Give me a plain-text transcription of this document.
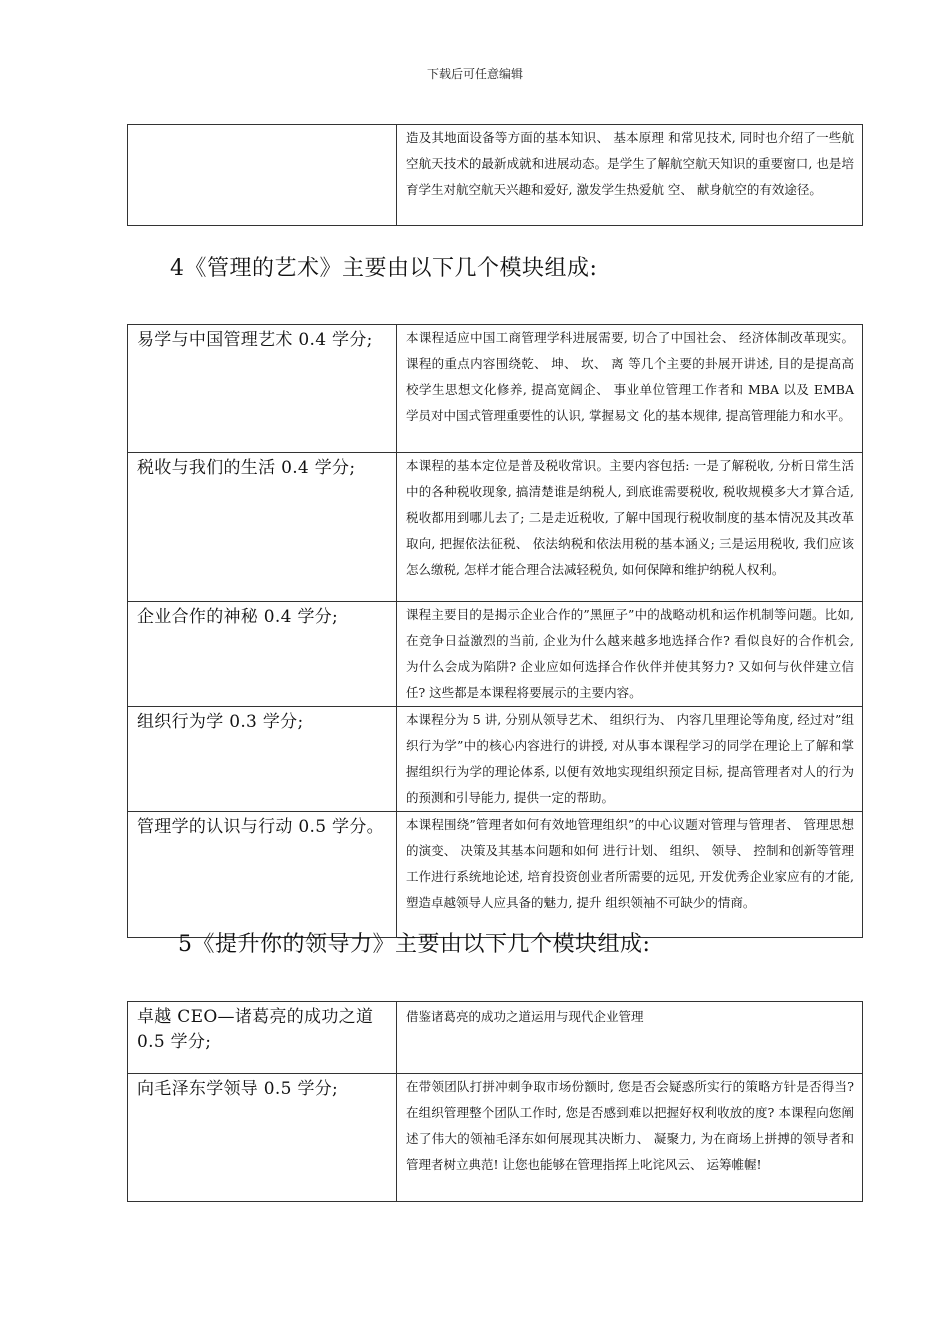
下载后可任意编辑
	造及其地面设备等方面的基本知识、 基本原理 和常见技术, 同时也介绍了一些航空航天技术的最新成就和进展动态。是学生了解航空航天知识的重要窗口, 也是培育学生对航空航天兴趣和爱好, 激发学生热爱航 空、 献身航空的有效途径。
4《管理的艺术》主要由以下几个模块组成:
易学与中国管理艺术 0.4 学分;	本课程适应中国工商管理学科进展需要, 切合了中国社会、 经济体制改革现实。课程的重点内容围绕乾、 坤、 坎、 离 等几个主要的卦展开讲述, 目的是提高高校学生思想文化修养, 提高宽阔企、 事业单位管理工作者和 MBA 以及 EMBA 学员对中国式管理重要性的认识, 掌握易文 化的基本规律, 提高管理能力和水平。
税收与我们的生活 0.4 学分;	本课程的基本定位是普及税收常识。主要内容包括: 一是了解税收, 分析日常生活中的各种税收现象, 搞清楚谁是纳税人, 到底谁需要税收, 税收规模多大才算合适, 税收都用到哪儿去了; 二是走近税收, 了解中国现行税收制度的基本情况及其改革取向, 把握依法征税、 依法纳税和依法用税的基本涵义; 三是运用税收, 我们应该怎么缴税, 怎样才能合理合法减轻税负, 如何保障和维护纳税人权利。
企业合作的神秘 0.4 学分;	课程主要目的是揭示企业合作的”黑匣子”中的战略动机和运作机制等问题。比如, 在竞争日益激烈的当前, 企业为什么越来越多地选择合作? 看似良好的合作机会, 为什么会成为陷阱? 企业应如何选择合作伙伴并使其努力? 又如何与伙伴建立信任? 这些都是本课程将要展示的主要内容。
组织行为学 0.3 学分;	本课程分为 5 讲, 分别从领导艺术、 组织行为、 内容几里理论等角度, 经过对”组织行为学”中的核心内容进行的讲授, 对从事本课程学习的同学在理论上了解和掌握组织行为学的理论体系, 以便有效地实现组织预定目标, 提高管理者对人的行为的预测和引导能力, 提供一定的帮助。
管理学的认识与行动 0.5 学分。	本课程围绕”管理者如何有效地管理组织”的中心议题对管理与管理者、 管理思想的演变、 决策及其基本问题和如何 进行计划、 组织、 领导、 控制和创新等管理工作进行系统地论述, 培育投资创业者所需要的远见, 开发优秀企业家应有的才能, 塑造卓越领导人应具备的魅力, 提升 组织领袖不可缺少的情商。
5《提升你的领导力》主要由以下几个模块组成:
卓越 CEO—诸葛亮的成功之道 0.5 学分;	借鉴诸葛亮的成功之道运用与现代企业管理
向毛泽东学领导 0.5 学分;	在带领团队打拼冲刺争取市场份额时, 您是否会疑惑所实行的策略方针是否得当? 在组织管理整个团队工作时, 您是否感到难以把握好权利收放的度? 本课程向您阐述了伟大的领袖毛泽东如何展现其决断力、 凝聚力, 为在商场上拼搏的领导者和管理者树立典范! 让您也能够在管理指挥上叱诧风云、 运筹帷幄!
